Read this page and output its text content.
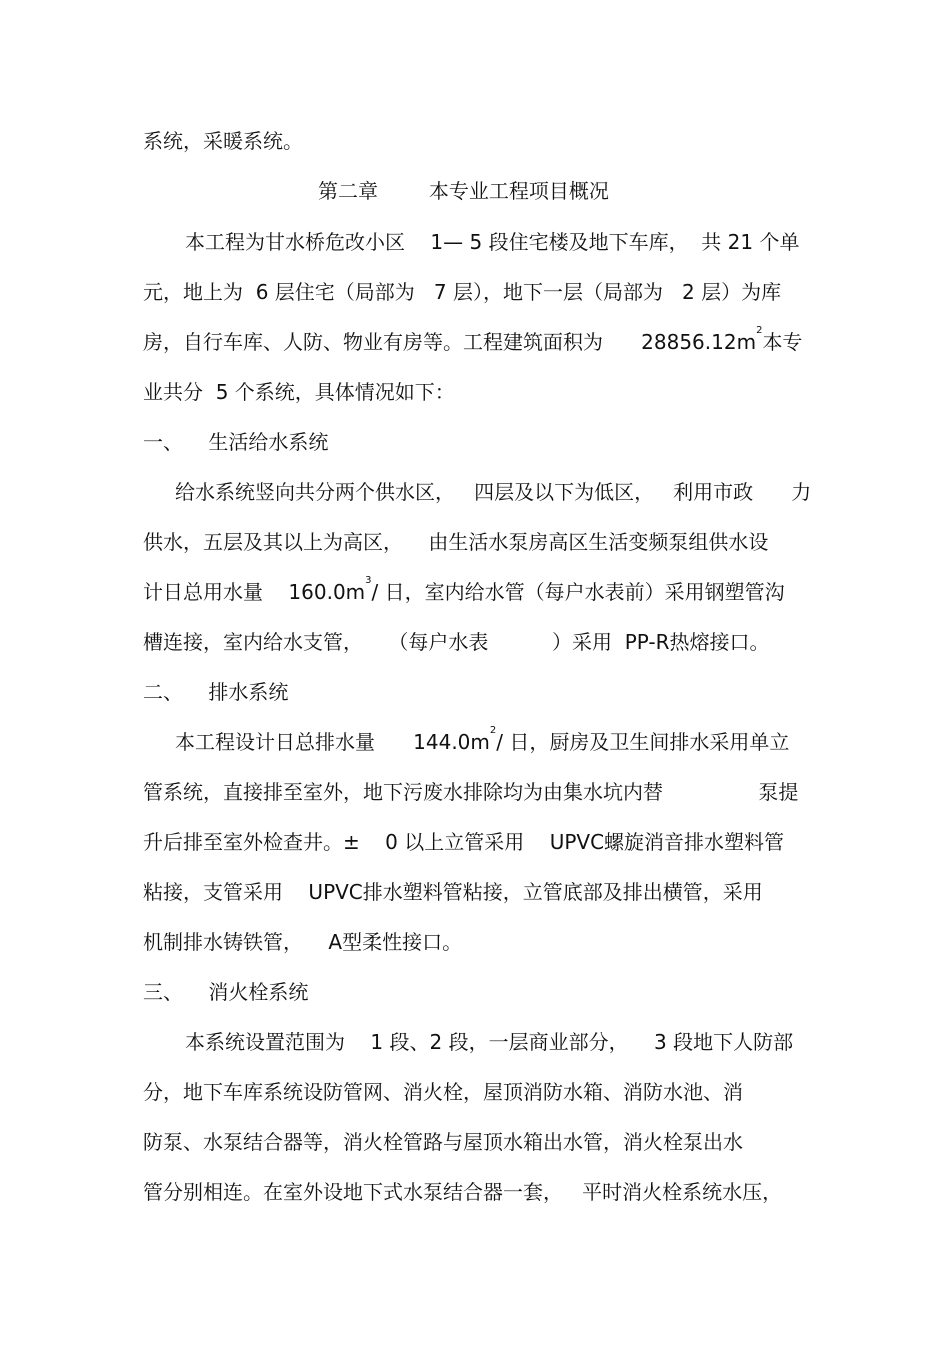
系统，采暖系统。
第二章        本专业工程项目概况
本工程为甘水桥危改小区    1— 5 段住宅楼及地下车库，  共 21 个单
元，地上为  6 层住宅（局部为   7 层），地下一层（局部为   2 层）为库
房，自行车库、人防、物业有房等。工程建筑面积为      $28856.12m^2$本专
业共分  5 个系统，具体情况如下：
一、    生活给水系统
给水系统竖向共分两个供水区，   四层及以下为低区，   利用市政      力
供水，五层及其以上为高区，    由生活水泵房高区生活变频泵组供水设
计日总用水量    $160.0m^3/$ 日，室内给水管（每户水表前）采用钢塑管沟
槽连接，室内给水支管，    （每户水表          ）采用  PP-R热熔接口。
二、    排水系统
本工程设计日总排水量      $144.0m^2/$ 日，厨房及卫生间排水采用单立
管系统，直接排至室外，地下污废水排除均为由集水坑内替               泵提
升后排至室外检查井。±    0 以上立管采用    UPVC螺旋消音排水塑料管
粘接，支管采用    UPVC排水塑料管粘接，立管底部及排出横管，采用
机制排水铸铁管，    A型柔性接口。
三、    消火栓系统
本系统设置范围为    1 段、2 段，一层商业部分，    3 段地下人防部
分，地下车库系统设防管网、消火栓，屋顶消防水箱、消防水池、消
防泵、水泵结合器等，消火栓管路与屋顶水箱出水管，消火栓泵出水
管分别相连。在室外设地下式水泵结合器一套，   平时消火栓系统水压，
